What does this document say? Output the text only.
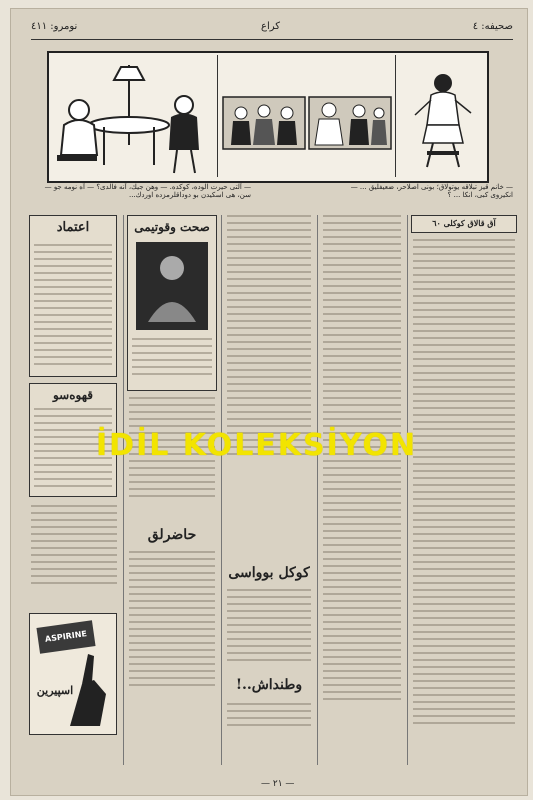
نومرو: ٤١١	كراع	صحيفه: ٤
— آلتى حيرت الوده، كوكده. — وهن جيك، آنه فالدى؟ — آه نومه جو — سن، هى اسكيدن بو دوداقلرمزده اوردك...
— خانم قيز تبلاقه يوتولاق؛ بونى اصلاحر، ضعيفليق ... — انكيروى كبى، انكا ... ؟
اعتماد
قهوه‌سو
ASPIRINE
اسپيرين
صحت وقوتيمى
حاضرلق
كوكل بوواسى
وطنداش..!
آق قالاق كوكلى ٦٠
— ٢١ —
İDİL KOLEKSİYON
